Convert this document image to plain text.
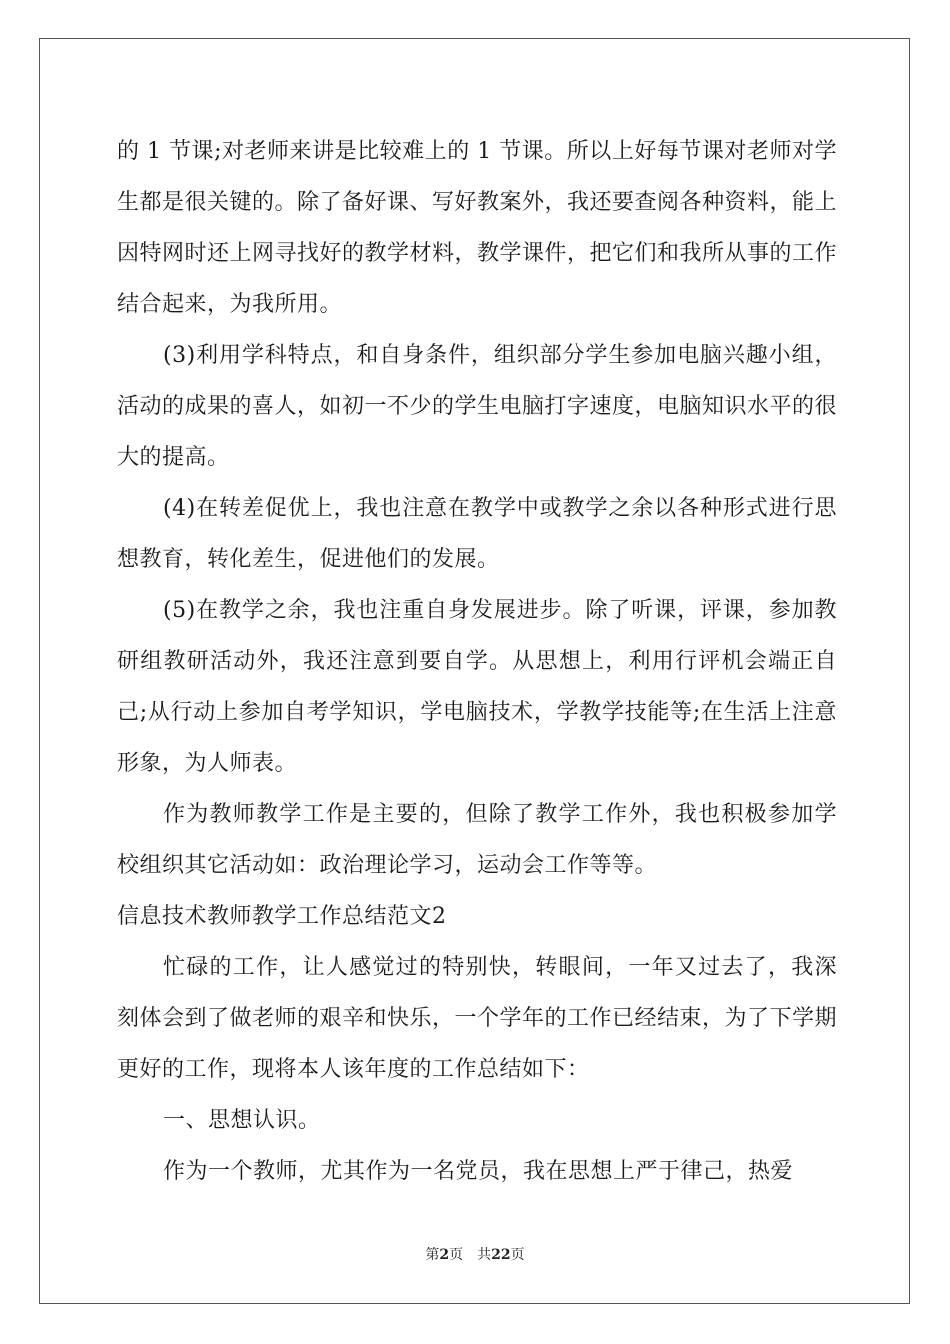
的 1 节课;对老师来讲是比较难上的 1 节课。所以上好每节课对老师对学生都是很关键的。除了备好课、写好教案外，我还要查阅各种资料，能上因特网时还上网寻找好的教学材料，教学课件，把它们和我所从事的工作结合起来，为我所用。

(3)利用学科特点，和自身条件，组织部分学生参加电脑兴趣小组，活动的成果的喜人，如初一不少的学生电脑打字速度，电脑知识水平的很大的提高。

(4)在转差促优上，我也注意在教学中或教学之余以各种形式进行思想教育，转化差生，促进他们的发展。

(5)在教学之余，我也注重自身发展进步。除了听课，评课，参加教研组教研活动外，我还注意到要自学。从思想上，利用行评机会端正自己;从行动上参加自考学知识，学电脑技术，学教学技能等;在生活上注意形象，为人师表。

作为教师教学工作是主要的，但除了教学工作外，我也积极参加学校组织其它活动如：政治理论学习，运动会工作等等。

信息技术教师教学工作总结范文2

忙碌的工作，让人感觉过的特别快，转眼间，一年又过去了，我深刻体会到了做老师的艰辛和快乐，一个学年的工作已经结束，为了下学期更好的工作，现将本人该年度的工作总结如下：

一、思想认识。

作为一个教师，尤其作为一名党员，我在思想上严于律己，热爱

第2页 共22页
